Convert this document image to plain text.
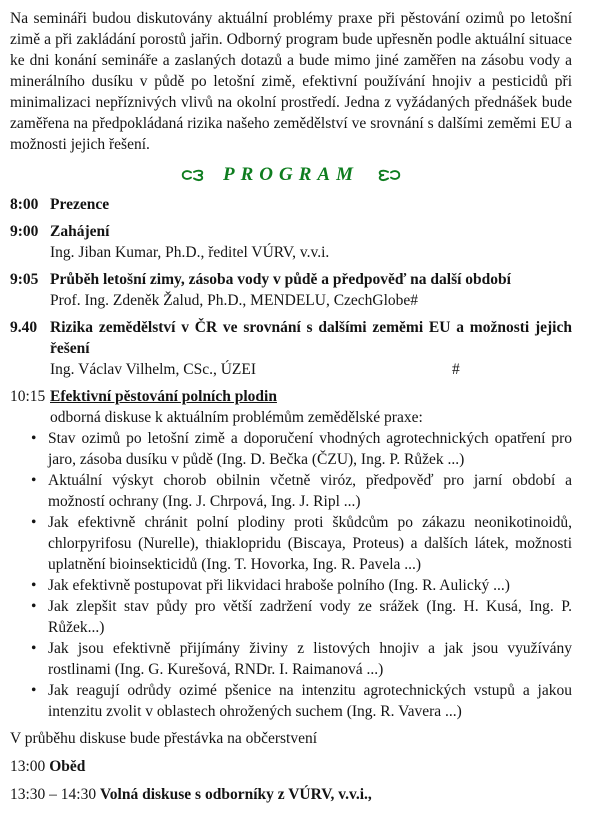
Na semináři budou diskutovány aktuální problémy praxe při pěstování ozimů po letošní zimě a při zakládání porostů jařin. Odborný program bude upřesněn podle aktuální situace ke dni konání semináře a zaslaných dotazů a bude mimo jiné zaměřen na zásobu vody a minerálního dusíku v půdě po letošní zimě, efektivní používání hnojiv a pesticidů při minimalizaci nepříznivých vlivů na okolní prostředí. Jedna z vyžádaných přednášek bude zaměřena na předpokládaná rizika našeho zemědělství ve srovnání s dalšími zeměmi EU a možnosti jejich řešení.

PROGRAM
8:00 Prezence
9:00 Zahájení
Ing. Jiban Kumar, Ph.D., ředitel VÚRV, v.v.i.
9:05 Průběh letošní zimy, zásoba vody v půdě a předpověď na další období
Prof. Ing. Zdeněk Žalud, Ph.D., MENDELU, CzechGlobe#
9.40 Rizika zemědělství v ČR ve srovnání s dalšími zeměmi EU a možnosti jejich řešení
Ing. Václav Vilhelm, CSc., ÚZEI	#
10:15 Efektivní pěstování polních plodin
odborná diskuse k aktuálním problémům zemědělské praxe:
• Stav ozimů po letošní zimě a doporučení vhodných agrotechnických opatření pro jaro, zásoba dusíku v půdě (Ing. D. Bečka (ČZU), Ing. P. Růžek ...)
• Aktuální výskyt chorob obilnin včetně viróz, předpověď pro jarní období a možností ochrany (Ing. J. Chrpová, Ing. J. Ripl ...)
• Jak efektivně chránit polní plodiny proti škůdcům po zákazu neonikotinoidů, chlorpyrifosu (Nurelle), thiaklopridu (Biscaya, Proteus) a dalších látek, možnosti uplatnění bioinsekticidů (Ing. T. Hovorka, Ing. R. Pavela ...)
• Jak efektivně postupovat při likvidaci hraboše polního (Ing. R. Aulický ...)
• Jak zlepšit stav půdy pro větší zadržení vody ze srážek (Ing. H. Kusá, Ing. P. Růžek...)
• Jak jsou efektivně přijímány živiny z listových hnojiv a jak jsou využívány rostlinami (Ing. G. Kurešová, RNDr. I. Raimanová ...)
• Jak reagují odrůdy ozimé pšenice na intenzitu agrotechnických vstupů a jakou intenzitu zvolit v oblastech ohrožených suchem (Ing. R. Vavera ...)

V průběhu diskuse bude přestávka na občerstvení

13:00 Oběd

13:30 – 14:30 Volná diskuse s odborníky z VÚRV, v.v.i.,
